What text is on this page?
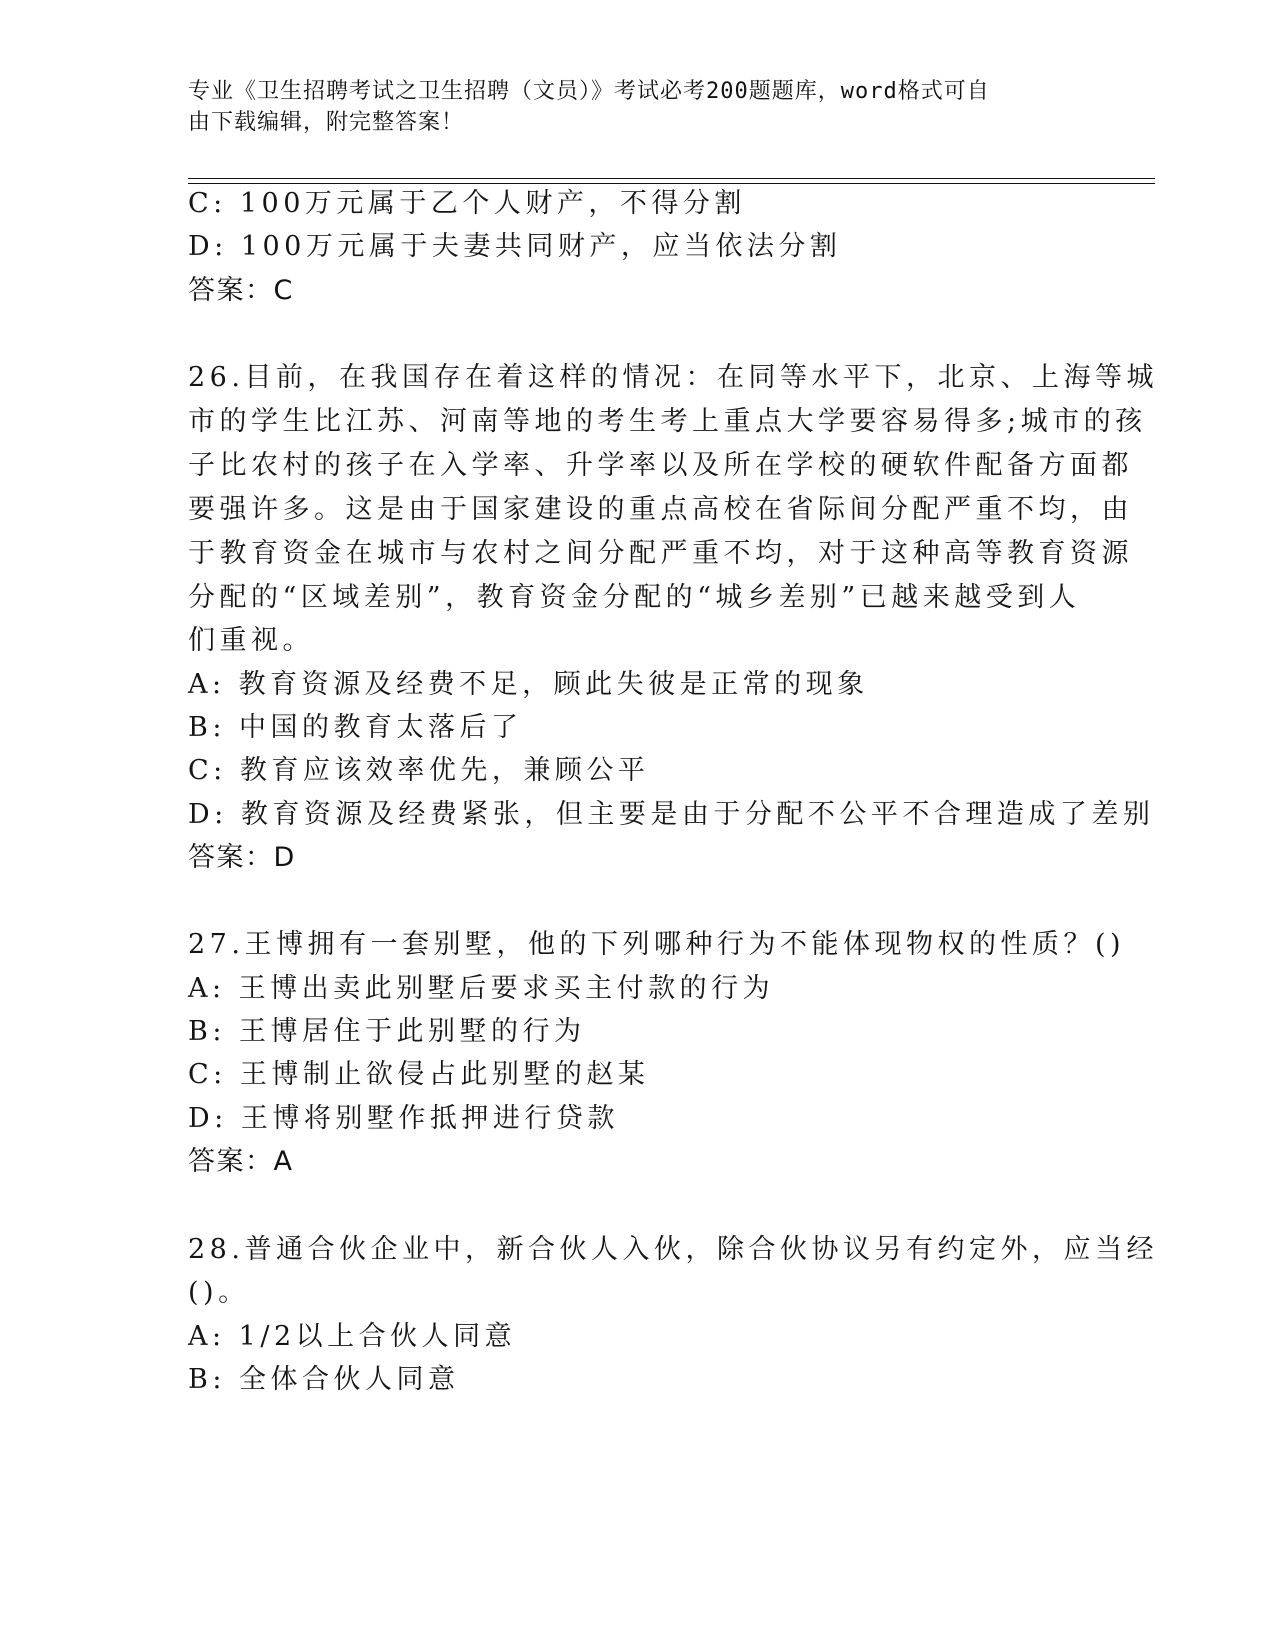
专业《卫生招聘考试之卫生招聘（文员）》考试必考200题题库，word格式可自
由下载编辑，附完整答案！
C: 100万元属于乙个人财产，不得分割
D: 100万元属于夫妻共同财产，应当依法分割
答案：C
26.目前，在我国存在着这样的情况：在同等水平下，北京、上海等城
市的学生比江苏、河南等地的考生考上重点大学要容易得多;城市的孩
子比农村的孩子在入学率、升学率以及所在学校的硬软件配备方面都
要强许多。这是由于国家建设的重点高校在省际间分配严重不均，由
于教育资金在城市与农村之间分配严重不均，对于这种高等教育资源
分配的“区域差别”，教育资金分配的“城乡差别”已越来越受到人
们重视。
A: 教育资源及经费不足，顾此失彼是正常的现象
B: 中国的教育太落后了
C: 教育应该效率优先，兼顾公平
D: 教育资源及经费紧张，但主要是由于分配不公平不合理造成了差别
答案：D
27.王博拥有一套别墅，他的下列哪种行为不能体现物权的性质？()
A: 王博出卖此别墅后要求买主付款的行为
B: 王博居住于此别墅的行为
C: 王博制止欲侵占此别墅的赵某
D: 王博将别墅作抵押进行贷款
答案：A
28.普通合伙企业中，新合伙人入伙，除合伙协议另有约定外，应当经
()。
A: 1/2以上合伙人同意
B: 全体合伙人同意
